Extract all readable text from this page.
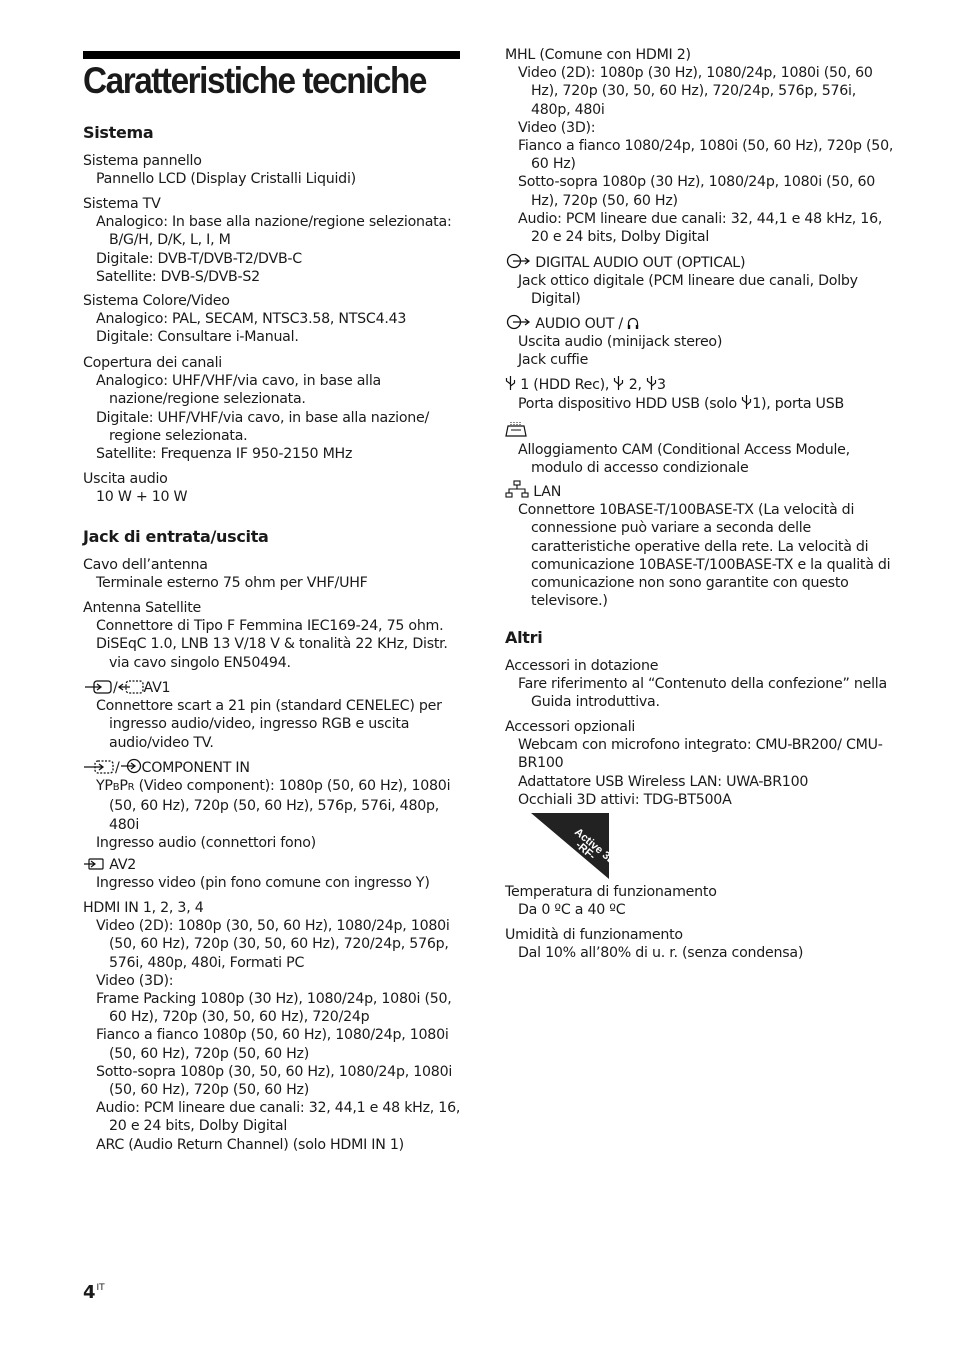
Caratteristiche tecniche
Sistema

Sistema pannello

Pannello LCD (Display Cristalli Liquidi)

Sistema TV

Analogico: In base alla nazione/regione selezionata: B/G/H, D/K, L, I, M

Digitale: DVB-T/DVB-T2/DVB-C

Satellite: DVB-S/DVB-S2

Sistema Colore/Video

Analogico: PAL, SECAM, NTSC3.58, NTSC4.43

Digitale: Consultare i-Manual.

Copertura dei canali

Analogico: UHF/VHF/via cavo, in base alla nazione/regione selezionata.

Digitale: UHF/VHF/via cavo, in base alla nazione/ regione selezionata.

Satellite: Frequenza IF 950-2150 MHz

Uscita audio

10 W + 10 W

Jack di entrata/uscita

Cavo dell’antenna

Terminale esterno 75 ohm per VHF/UHF

Antenna Satellite

Connettore di Tipo F Femmina IEC169-24, 75 ohm.

DiSEqC 1.0, LNB 13 V/18 V & tonalità 22 KHz, Distr. via cavo singolo EN50494.

/ AV1

Connettore scart a 21 pin (standard CENELEC) per ingresso audio/video, ingresso RGB e uscita audio/video TV.

/ COMPONENT IN

YPBPR (Video component): 1080p (50, 60 Hz), 1080i (50, 60 Hz), 720p (50, 60 Hz), 576p, 576i, 480p, 480i

Ingresso audio (connettori fono)

AV2

Ingresso video (pin fono comune con ingresso Y)

HDMI IN 1, 2, 3, 4

Video (2D): 1080p (30, 50, 60 Hz), 1080/24p, 1080i (50, 60 Hz), 720p (30, 50, 60 Hz), 720/24p, 576p, 576i, 480p, 480i, Formati PC

Video (3D):

Frame Packing 1080p (30 Hz), 1080/24p, 1080i (50, 60 Hz), 720p (30, 50, 60 Hz), 720/24p

Fianco a fianco 1080p (50, 60 Hz), 1080/24p, 1080i (50, 60 Hz), 720p (50, 60 Hz)

Sotto-sopra 1080p (30, 50, 60 Hz), 1080/24p, 1080i (50, 60 Hz), 720p (50, 60 Hz)

Audio: PCM lineare due canali: 32, 44,1 e 48 kHz, 16, 20 e 24 bits, Dolby Digital

ARC (Audio Return Channel) (solo HDMI IN 1)

MHL (Comune con HDMI 2)

Video (2D): 1080p (30 Hz), 1080/24p, 1080i (50, 60 Hz), 720p (30, 50, 60 Hz), 720/24p, 576p, 576i, 480p, 480i

Video (3D):

Fianco a fianco 1080/24p, 1080i (50, 60 Hz), 720p (50, 60 Hz)

Sotto-sopra 1080p (30 Hz), 1080/24p, 1080i (50, 60 Hz), 720p (50, 60 Hz)

Audio: PCM lineare due canali: 32, 44,1 e 48 kHz, 16, 20 e 24 bits, Dolby Digital

DIGITAL AUDIO OUT (OPTICAL)

Jack ottico digitale (PCM lineare due canali, Dolby Digital)

AUDIO OUT /

Uscita audio (minijack stereo)

Jack cuffie

1 (HDD Rec), 2, 3

Porta dispositivo HDD USB (solo 1), porta USB

Alloggiamento CAM (Conditional Access Module, modulo di accesso condizionale

LAN

Connettore 10BASE-T/100BASE-TX (La velocità di connessione può variare a seconda delle caratteristiche operative della rete. La velocità di comunicazione 10BASE-T/100BASE-TX e la qualità di comunicazione non sono garantite con questo televisore.)

Altri

Accessori in dotazione

Fare riferimento al “Contenuto della confezione” nella Guida introduttiva.

Accessori opzionali

Webcam con microfono integrato: CMU-BR200/ CMU-BR100

Adattatore USB Wireless LAN: UWA-BR100

Occhiali 3D attivi: TDG-BT500A

Active 3D
-RF-

Temperatura di funzionamento

Da 0 ºC a 40 ºC

Umidità di funzionamento

Dal 10% all’80% di u. r. (senza condensa)

$4^{IT}$
